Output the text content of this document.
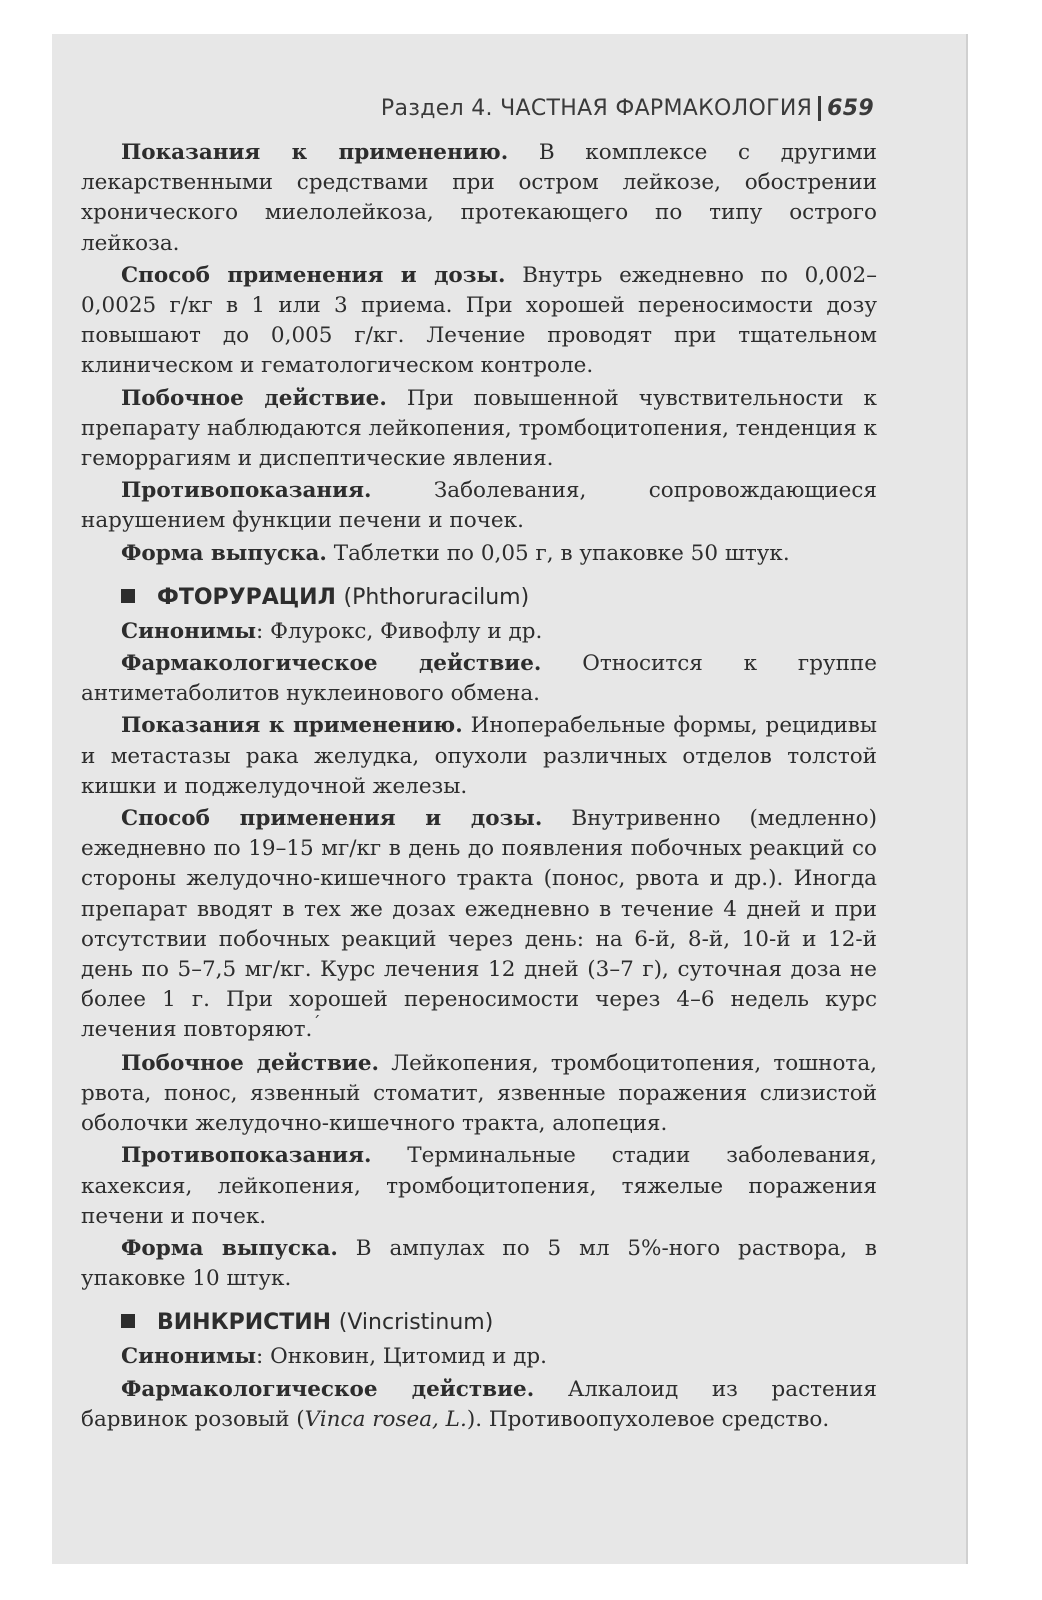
Раздел 4. ЧАСТНАЯ ФАРМАКОЛОГИЯ 659

Показания к применению. В комплексе с другими лекарственными средствами при остром лейкозе, обострении хронического миелолейкоза, протекающего по типу острого лейкоза.

Способ применения и дозы. Внутрь ежедневно по 0,002–0,0025 г/кг в 1 или 3 приема. При хорошей переносимости дозу повышают до 0,005 г/кг. Лечение проводят при тщательном клиническом и гематологическом контроле.

Побочное действие. При повышенной чувствительности к препарату наблюдаются лейкопения, тромбоцитопения, тенденция к геморрагиям и диспептические явления.

Противопоказания. Заболевания, сопровождающиеся нарушением функции печени и почек.

Форма выпуска. Таблетки по 0,05 г, в упаковке 50 штук.

ФТОРУРАЦИЛ (Phthoruracilum)

Синонимы: Флурокс, Фивофлу и др.

Фармакологическое действие. Относится к группе антиметаболитов нуклеинового обмена.

Показания к применению. Иноперабельные формы, рецидивы и метастазы рака желудка, опухоли различных отделов толстой кишки и поджелудочной железы.

Способ применения и дозы. Внутривенно (медленно) ежедневно по 19–15 мг/кг в день до появления побочных реакций со стороны желудочно-кишечного тракта (понос, рвота и др.). Иногда препарат вводят в тех же дозах ежедневно в течение 4 дней и при отсутствии побочных реакций через день: на 6-й, 8-й, 10-й и 12-й день по 5–7,5 мг/кг. Курс лечения 12 дней (3–7 г), суточная доза не более 1 г. При хорошей переносимости через 4–6 недель курс лечения повторяют.´

Побочное действие. Лейкопения, тромбоцитопения, тошнота, рвота, понос, язвенный стоматит, язвенные поражения слизистой оболочки желудочно-кишечного тракта, алопеция.

Противопоказания. Терминальные стадии заболевания, кахексия, лейкопения, тромбоцитопения, тяжелые поражения печени и почек.

Форма выпуска. В ампулах по 5 мл 5%-ного раствора, в упаковке 10 штук.

ВИНКРИСТИН (Vincristinum)

Синонимы: Онковин, Цитомид и др.

Фармакологическое действие. Алкалоид из растения барвинок розовый (Vinca rosea, L.). Противоопухолевое средство.
